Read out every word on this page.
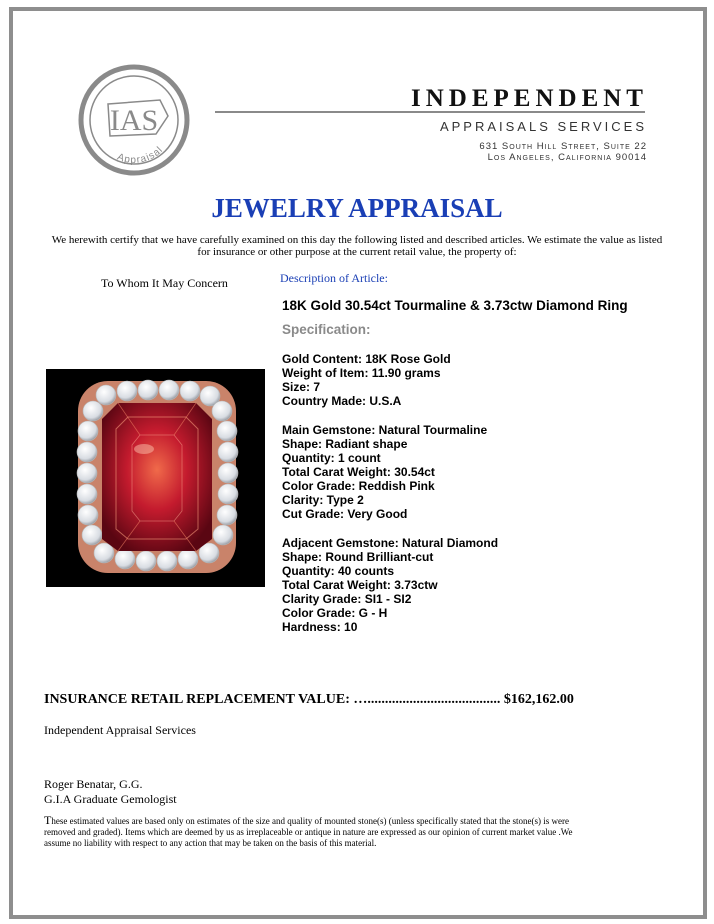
IAS
Appraisal
INDEPENDENT
APPRAISALS SERVICES
631 South Hill Street, Suite 22
Los Angeles, California 90014
JEWELRY APPRAISAL
We herewith certify that we have carefully examined on this day the following listed and described articles. We estimate the value as listed for insurance or other purpose at the current retail value, the property of:
To Whom It May Concern	Description of Article:
18K Gold 30.54ct Tourmaline & 3.73ctw Diamond Ring
Specification:
Gold Content: 18K Rose Gold
Weight of Item: 11.90 grams
Size: 7
Country Made: U.S.A
Main Gemstone: Natural Tourmaline
Shape: Radiant shape
Quantity: 1 count
Total Carat Weight: 30.54ct
Color Grade: Reddish Pink
Clarity: Type 2
Cut Grade: Very Good
Adjacent Gemstone: Natural Diamond
Shape: Round Brilliant-cut
Quantity: 40 counts
Total Carat Weight: 3.73ctw
Clarity Grade: SI1 - SI2
Color Grade: G - H
Hardness: 10
INSURANCE RETAIL REPLACEMENT VALUE: …...................................... $162,162.00
Independent Appraisal Services
Roger Benatar, G.G.
G.I.A Graduate Gemologist
These estimated values are based only on estimates of the size and quality of mounted stone(s) (unless specifically stated that the stone(s) is were removed and graded). Items which are deemed by us as irreplaceable or antique in nature are expressed as our opinion of current market value .We assume no liability with respect to any action that may be taken on the basis of this material.
